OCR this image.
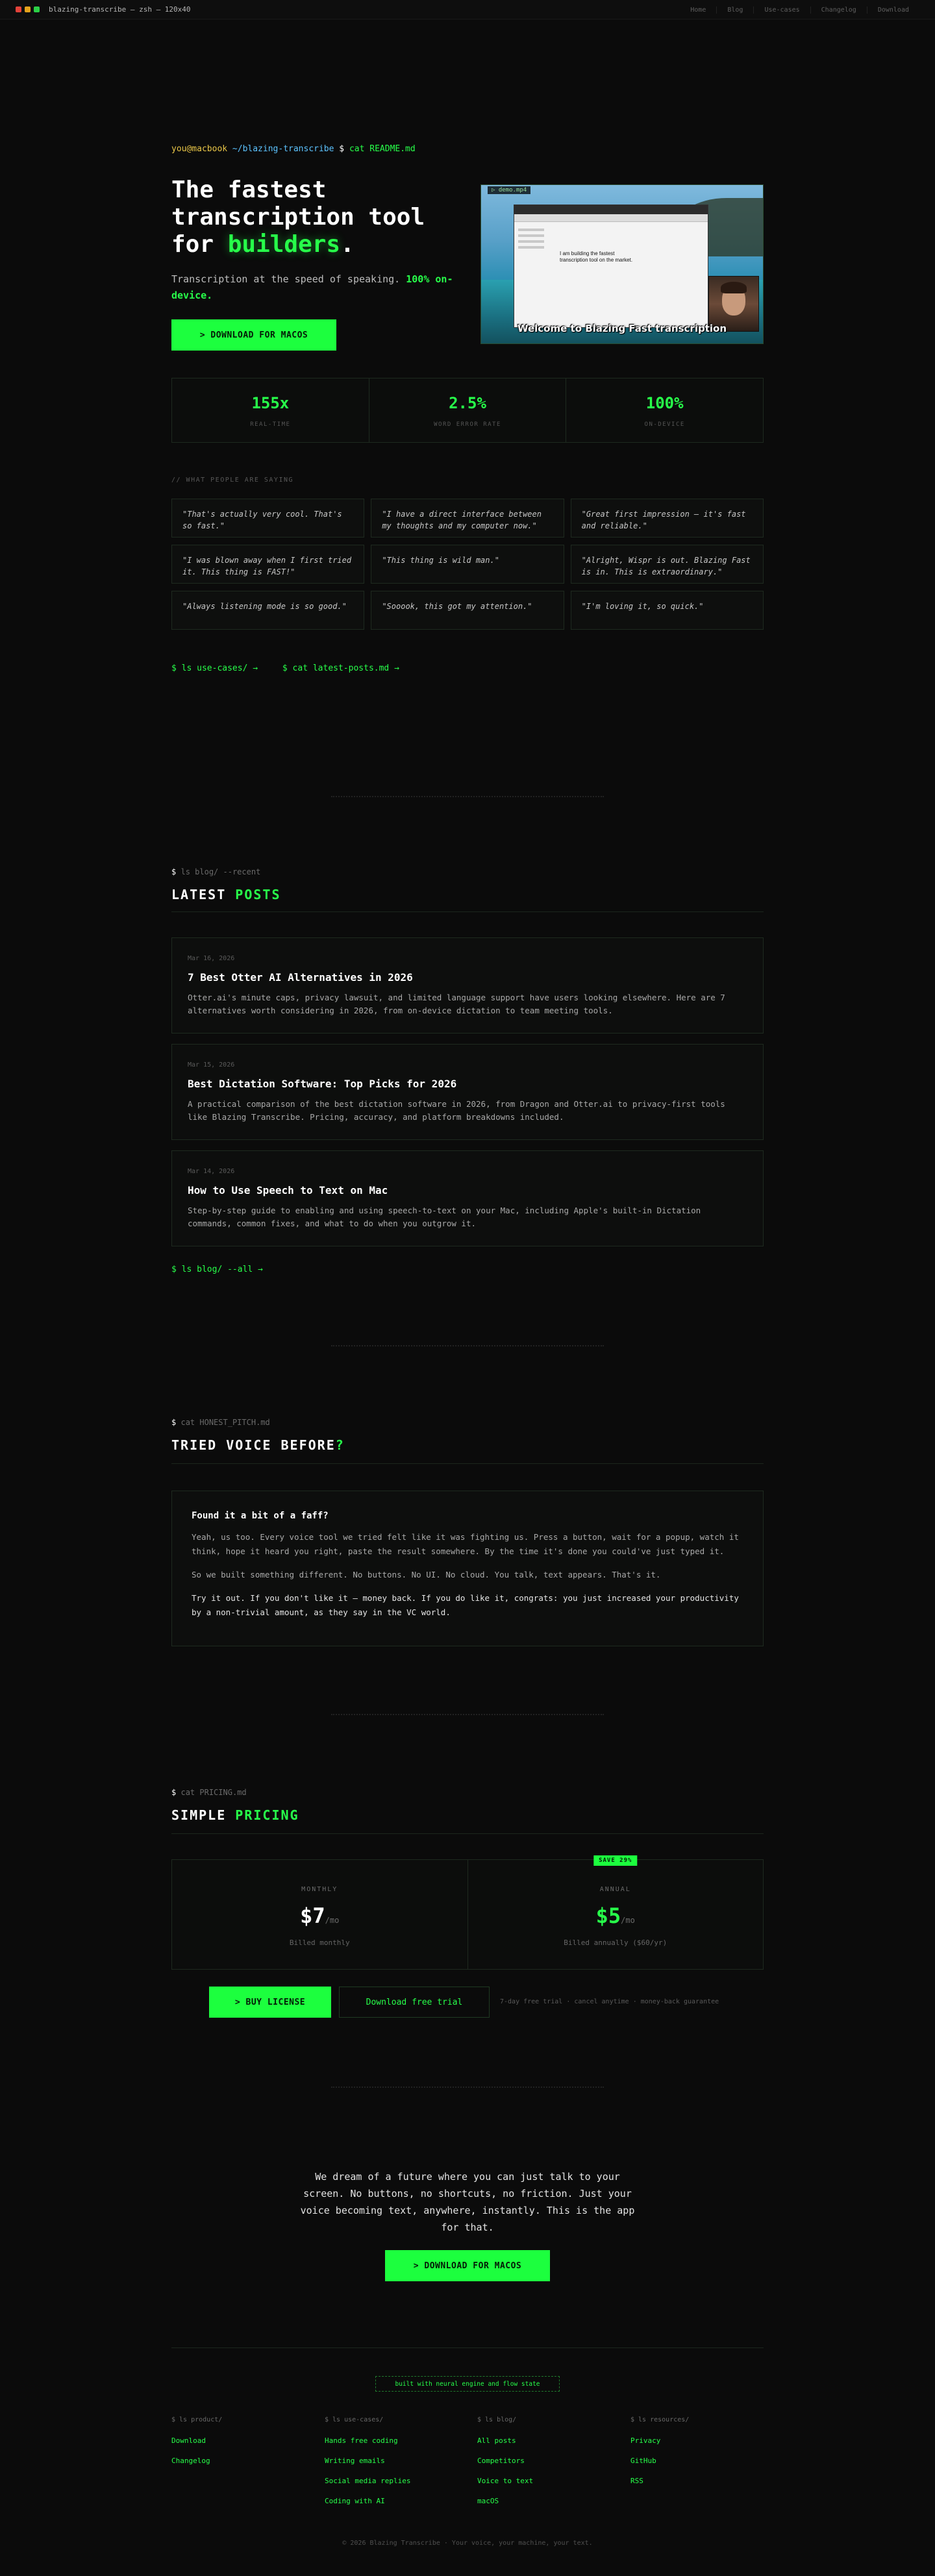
blazing-transcribe — zsh — 120x40	Home	Blog	Use-cases	Changelog	Download
you@macbook ~/blazing-transcribe $ cat README.md
The fastest
transcription tool
for builders.

Transcription at the speed of speaking. 100% on-device.

> DOWNLOAD FOR MACOS
I am building the fastest transcription tool on the market.
Welcome to Blazing Fast transcription
▷ demo.mp4
155x
REAL-TIME
2.5%
WORD ERROR RATE
100%
ON-DEVICE
// WHAT PEOPLE ARE SAYING
"That's actually very cool. That's so fast."
"I have a direct interface between my thoughts and my computer now."
"Great first impression — it's fast and reliable."
"I was blown away when I first tried it. This thing is FAST!"
"This thing is wild man."	"Alright, Wispr is out. Blazing Fast is in. This is extraordinary."
"Always listening mode is so good."	"Sooook, this got my attention."	"I'm loving it, so quick."
$ ls use-cases/ →	$ cat latest-posts.md →
$ ls blog/ --recent
LATEST POSTS
Mar 16, 2026
7 Best Otter AI Alternatives in 2026
Otter.ai's minute caps, privacy lawsuit, and limited language support have users looking elsewhere. Here are 7 alternatives worth considering in 2026, from on-device dictation to team meeting tools.
Mar 15, 2026
Best Dictation Software: Top Picks for 2026
A practical comparison of the best dictation software in 2026, from Dragon and Otter.ai to privacy-first tools like Blazing Transcribe. Pricing, accuracy, and platform breakdowns included.
Mar 14, 2026
How to Use Speech to Text on Mac
Step-by-step guide to enabling and using speech-to-text on your Mac, including Apple's built-in Dictation commands, common fixes, and what to do when you outgrow it.
$ ls blog/ --all →
$ cat HONEST_PITCH.md
TRIED VOICE BEFORE?
Found it a bit of a faff?

Yeah, us too. Every voice tool we tried felt like it was fighting us. Press a button, wait for a popup, watch it think, hope it heard you right, paste the result somewhere. By the time it's done you could've just typed it.

So we built something different. No buttons. No UI. No cloud. You talk, text appears. That's it.

Try it out. If you don't like it — money back. If you do like it, congrats: you just increased your productivity by a non-trivial amount, as they say in the VC world.

$ cat PRICING.md
SIMPLE PRICING
MONTHLY
$7/mo
Billed monthly
SAVE 29%
ANNUAL
$5/mo
Billed annually ($60/yr)
> BUY LICENSE	Download free trial	7-day free trial · cancel anytime · money-back guarantee

We dream of a future where you can just talk to your screen. No buttons, no shortcuts, no friction. Just your voice becoming text, anywhere, instantly. This is the app for that.

> DOWNLOAD FOR MACOS
built with neural engine and flow state
$ ls product/
Download
Changelog
$ ls use-cases/
Hands free coding
Writing emails
Social media replies
Coding with AI
$ ls blog/
All posts
Competitors
Voice to text
macOS
$ ls resources/
Privacy
GitHub
RSS
© 2026 Blazing Transcribe · Your voice, your machine, your text.
